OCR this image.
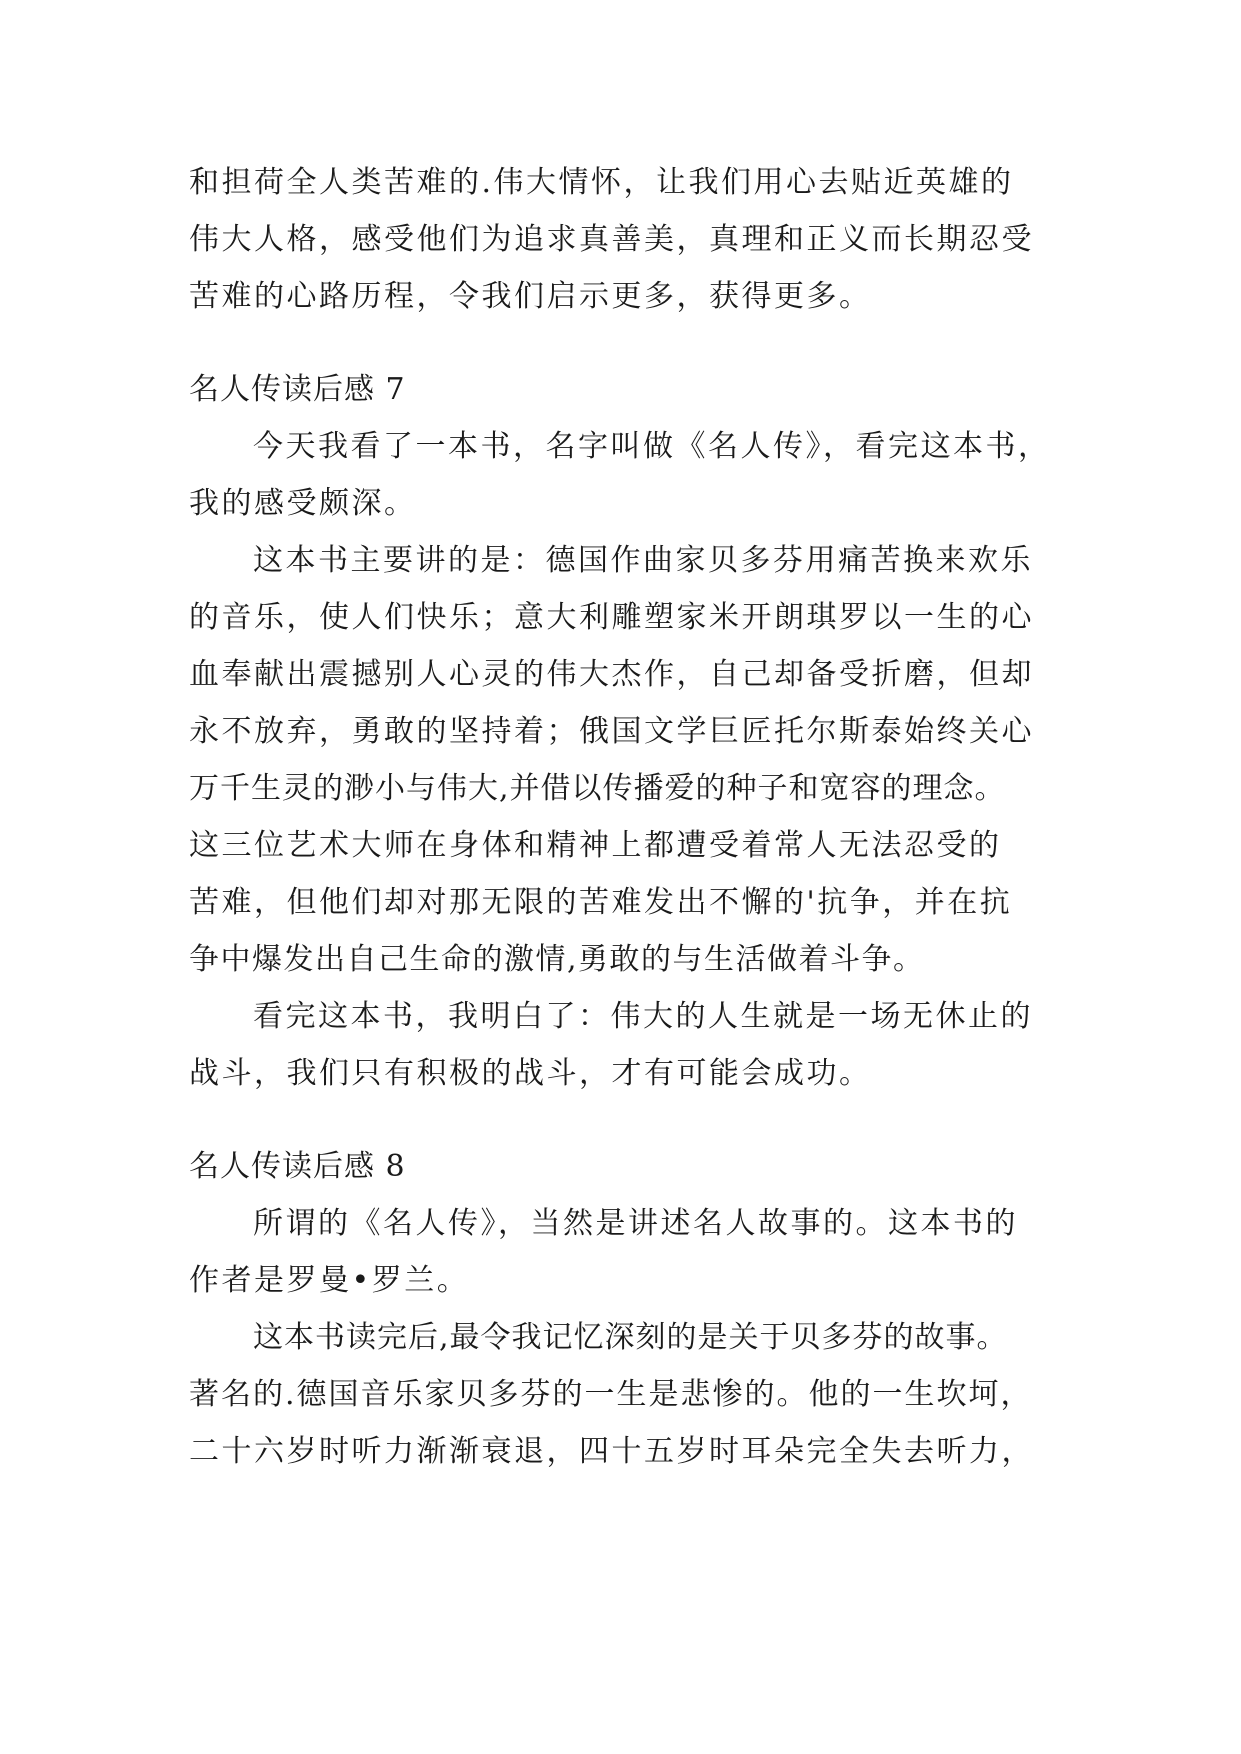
和担荷全人类苦难的.伟大情怀，让我们用心去贴近英雄的
伟大人格，感受他们为追求真善美，真理和正义而长期忍受
苦难的心路历程，令我们启示更多，获得更多。
名人传读后感 7
今天我看了一本书，名字叫做《名人传》，看完这本书，
我的感受颇深。
这本书主要讲的是：德国作曲家贝多芬用痛苦换来欢乐
的音乐，使人们快乐；意大利雕塑家米开朗琪罗以一生的心
血奉献出震撼别人心灵的伟大杰作，自己却备受折磨，但却
永不放弃，勇敢的坚持着；俄国文学巨匠托尔斯泰始终关心
万千生灵的渺小与伟大,并借以传播爱的种子和宽容的理念。
这三位艺术大师在身体和精神上都遭受着常人无法忍受的
苦难，但他们却对那无限的苦难发出不懈的'抗争，并在抗
争中爆发出自己生命的激情,勇敢的与生活做着斗争。
看完这本书，我明白了：伟大的人生就是一场无休止的
战斗，我们只有积极的战斗，才有可能会成功。
名人传读后感 8
所谓的《名人传》，当然是讲述名人故事的。这本书的
作者是罗曼•罗兰。
这本书读完后,最令我记忆深刻的是关于贝多芬的故事。
著名的.德国音乐家贝多芬的一生是悲惨的。他的一生坎坷，
二十六岁时听力渐渐衰退，四十五岁时耳朵完全失去听力，
